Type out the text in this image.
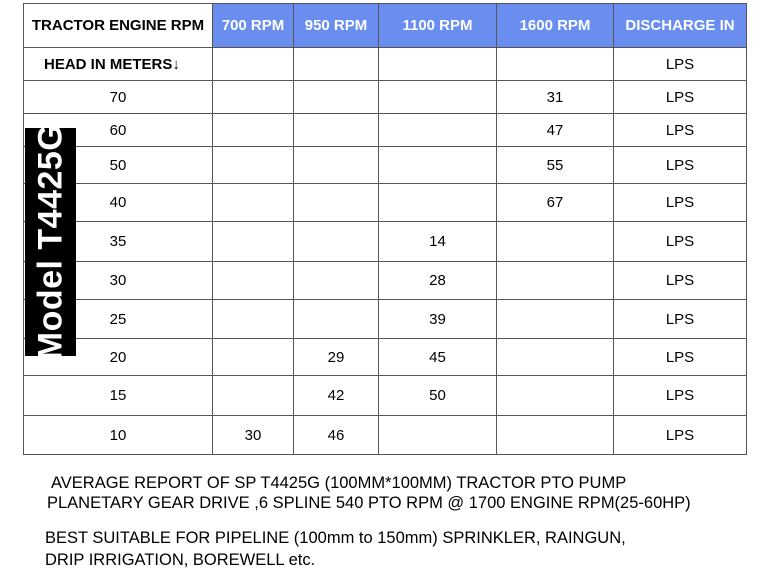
TRACTOR ENGINE RPM	700 RPM	950 RPM	1100 RPM	1600 RPM	DISCHARGE IN
HEAD IN METERS↓					LPS
70				31	LPS
60				47	LPS
50				55	LPS
40				67	LPS
35			14		LPS
30			28		LPS
25			39		LPS
20		29	45		LPS
15		42	50		LPS
10	30	46			LPS
Model T4425G
AVERAGE REPORT OF SP T4425G (100MM*100MM) TRACTOR PTO PUMP
PLANETARY GEAR DRIVE ,6 SPLINE 540 PTO RPM @ 1700 ENGINE RPM(25-60HP)
BEST SUITABLE FOR PIPELINE (100mm to 150mm) SPRINKLER, RAINGUN,
DRIP IRRIGATION, BOREWELL etc.
